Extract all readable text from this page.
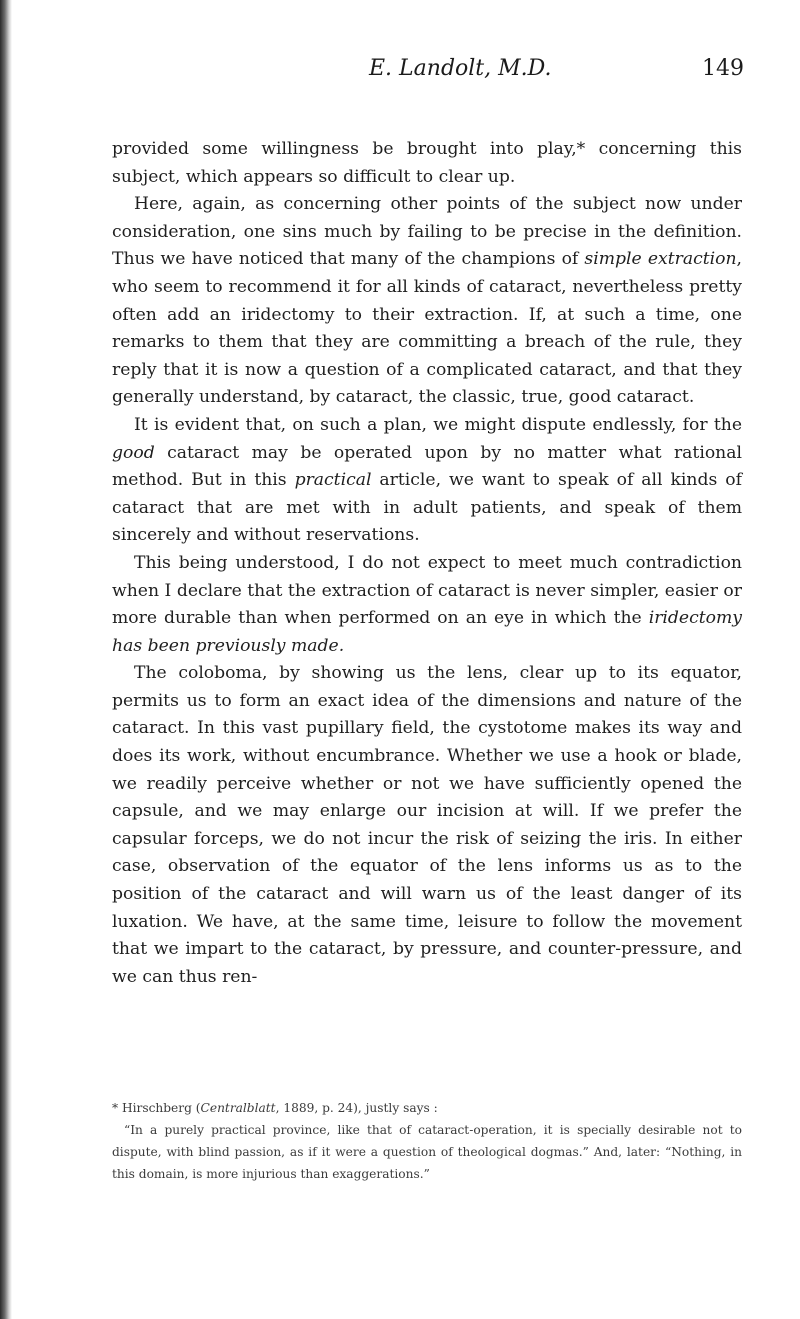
E. Landolt, M.D.	149

provided some willingness be brought into play,* concerning this subject, which appears so difficult to clear up.

Here, again, as concerning other points of the subject now under consideration, one sins much by failing to be precise in the definition. Thus we have noticed that many of the champions of simple extraction, who seem to recommend it for all kinds of cataract, nevertheless pretty often add an iridectomy to their extraction. If, at such a time, one remarks to them that they are committing a breach of the rule, they reply that it is now a question of a complicated cataract, and that they generally understand, by cataract, the classic, true, good cataract.

It is evident that, on such a plan, we might dispute endlessly, for the good cataract may be operated upon by no matter what rational method. But in this practical article, we want to speak of all kinds of cataract that are met with in adult patients, and speak of them sincerely and without reservations.

This being understood, I do not expect to meet much contradiction when I declare that the extraction of cataract is never simpler, easier or more durable than when performed on an eye in which the iridectomy has been previously made.

The coloboma, by showing us the lens, clear up to its equator, permits us to form an exact idea of the dimensions and nature of the cataract. In this vast pupillary field, the cystotome makes its way and does its work, without encumbrance. Whether we use a hook or blade, we readily perceive whether or not we have sufficiently opened the capsule, and we may enlarge our incision at will. If we prefer the capsular forceps, we do not incur the risk of seizing the iris. In either case, observation of the equator of the lens informs us as to the position of the cataract and will warn us of the least danger of its luxation. We have, at the same time, leisure to follow the movement that we impart to the cataract, by pressure, and counter-pressure, and we can thus ren-

* Hirschberg (Centralblatt, 1889, p. 24), justly says :

“In a purely practical province, like that of cataract-operation, it is specially desirable not to dispute, with blind passion, as if it were a question of theological dogmas.” And, later: “Nothing, in this domain, is more injurious than exaggerations.”
